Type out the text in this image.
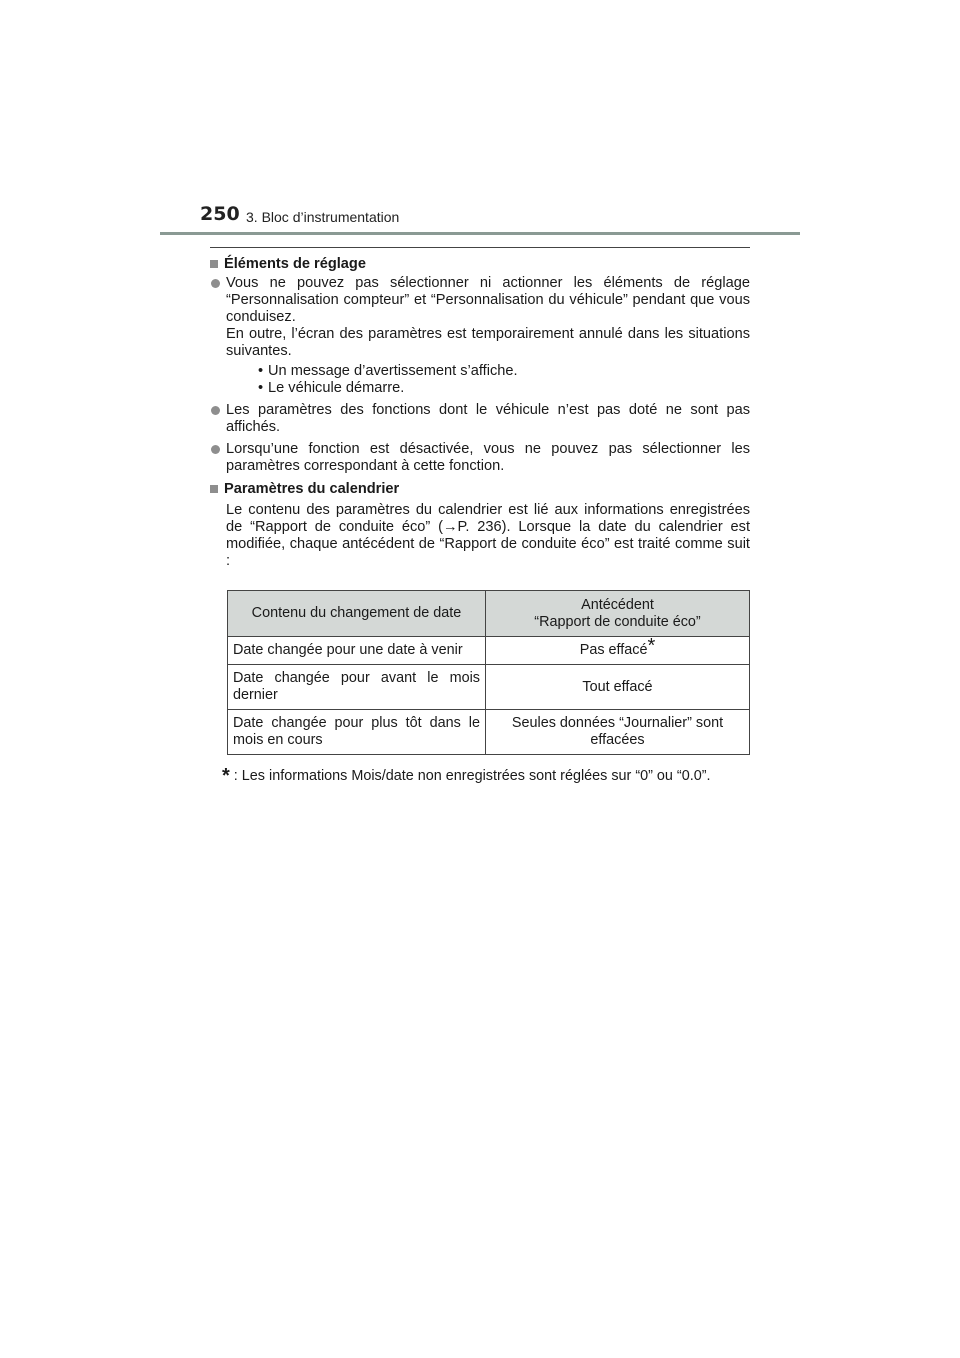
250 3. Bloc d’instrumentation
Éléments de réglage

Vous ne pouvez pas sélectionner ni actionner les éléments de réglage “Personnalisation compteur” et “Personnalisation du véhicule” pendant que vous conduisez.

En outre, l’écran des paramètres est temporairement annulé dans les situations suivantes.

• Un message d’avertissement s’affiche.
• Le véhicule démarre.

Les paramètres des fonctions dont le véhicule n’est pas doté ne sont pas affichés.

Lorsqu’une fonction est désactivée, vous ne pouvez pas sélectionner les paramètres correspondant à cette fonction.

Paramètres du calendrier

Le contenu des paramètres du calendrier est lié aux informations enregistrées de “Rapport de conduite éco” (→P. 236). Lorsque la date du calendrier est modifiée, chaque antécédent de “Rapport de conduite éco” est traité comme suit :

Contenu du changement de date	Antécédent
“Rapport de conduite éco”
Date changée pour une date à venir	Pas effacé*
Date changée pour avant le mois dernier	Tout effacé
Date changée pour plus tôt dans le mois en cours	Seules données “Journalier” sont effacées
* : Les informations Mois/date non enregistrées sont réglées sur “0” ou “0.0”.
